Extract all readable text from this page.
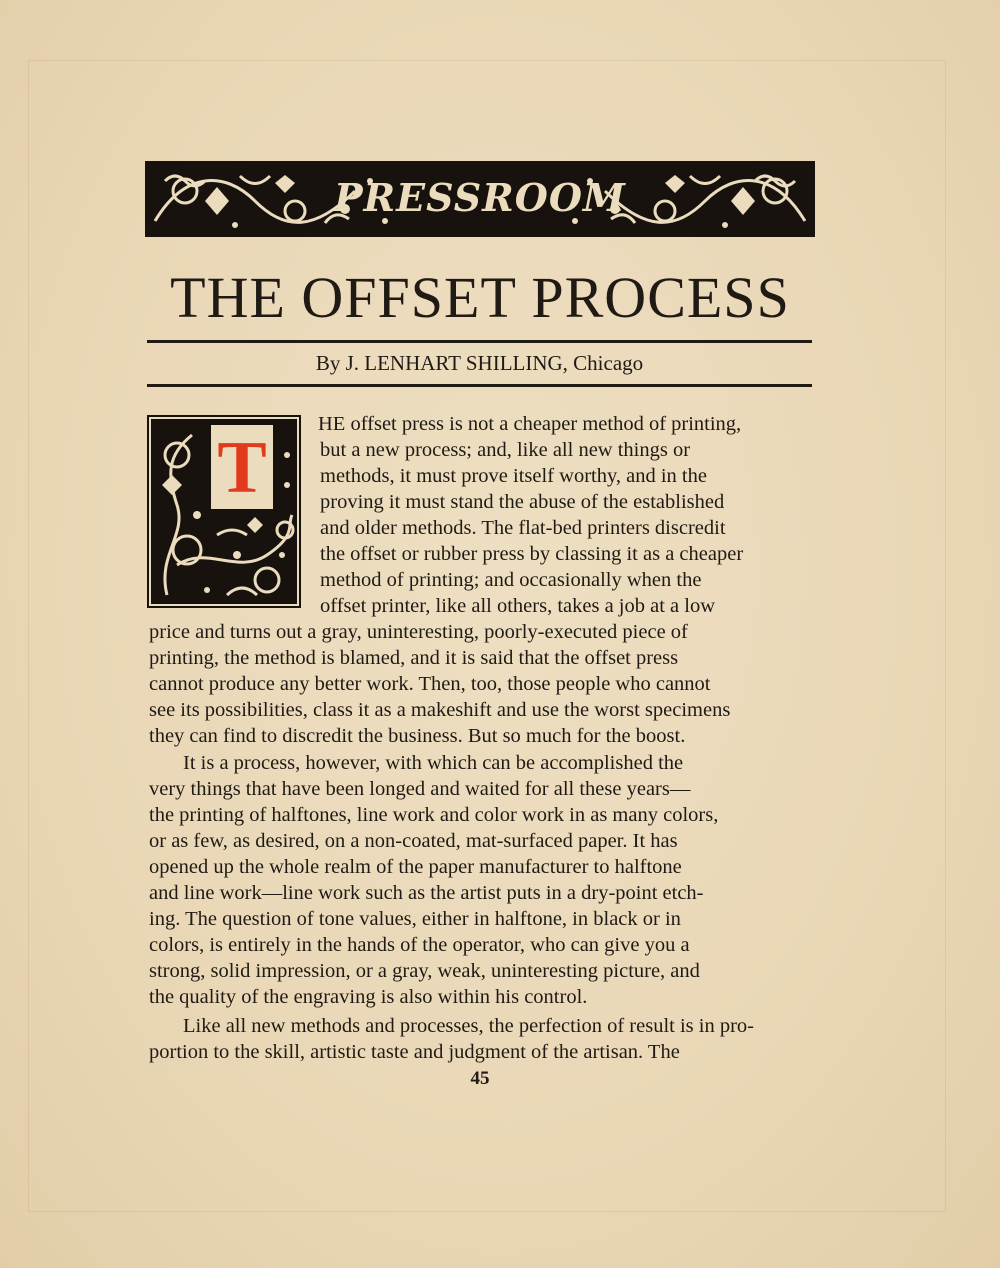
PRESSROOM
THE OFFSET PROCESS
By J. LENHART SHILLING, Chicago
T
HE offset press is not a cheaper method of printing,
but a new process; and, like all new things or
methods, it must prove itself worthy, and in the
proving it must stand the abuse of the established
and older methods. The flat-bed printers discredit
the offset or rubber press by classing it as a cheaper
method of printing; and occasionally when the
offset printer, like all others, takes a job at a low
price and turns out a gray, uninteresting, poorly-executed piece of
printing, the method is blamed, and it is said that the offset press
cannot produce any better work. Then, too, those people who cannot
see its possibilities, class it as a makeshift and use the worst specimens
they can find to discredit the business. But so much for the boost.
It is a process, however, with which can be accomplished the
very things that have been longed and waited for all these years—
the printing of halftones, line work and color work in as many colors,
or as few, as desired, on a non-coated, mat-surfaced paper. It has
opened up the whole realm of the paper manufacturer to halftone
and line work—line work such as the artist puts in a dry-point etch-
ing. The question of tone values, either in halftone, in black or in
colors, is entirely in the hands of the operator, who can give you a
strong, solid impression, or a gray, weak, uninteresting picture, and
the quality of the engraving is also within his control.
Like all new methods and processes, the perfection of result is in pro-
portion to the skill, artistic taste and judgment of the artisan. The
45
